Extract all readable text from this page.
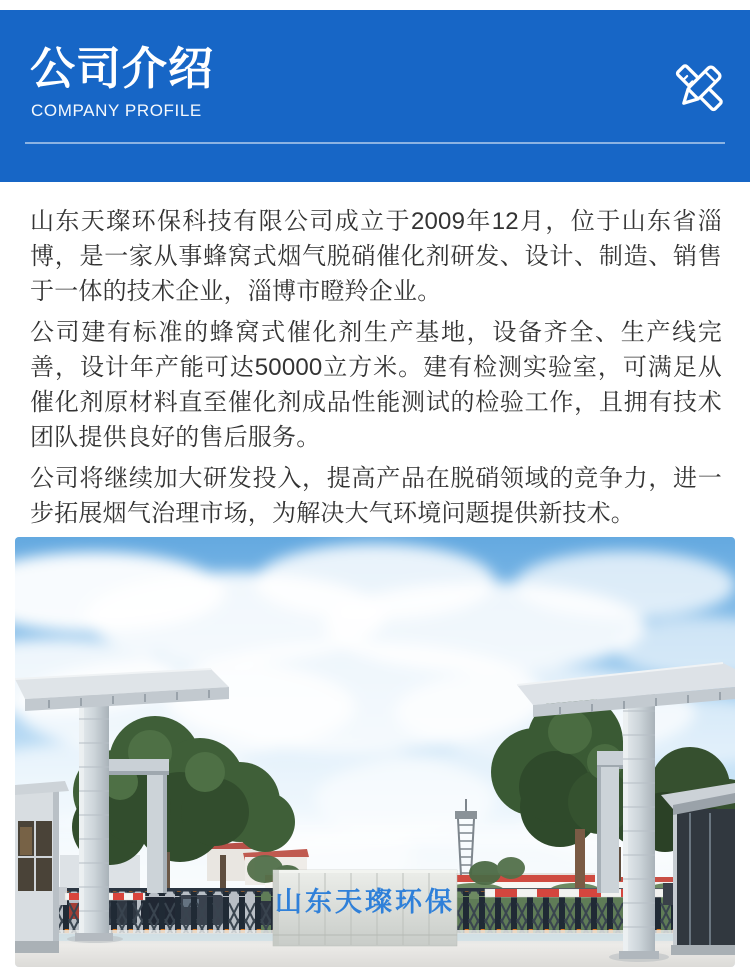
公司介绍
COMPANY PROFILE

山东天璨环保科技有限公司成立于2009年12月，位于山东省淄博，是一家从事蜂窝式烟气脱硝催化剂研发、设计、制造、销售于一体的技术企业，淄博市瞪羚企业。

公司建有标准的蜂窝式催化剂生产基地，设备齐全、生产线完善，设计年产能可达50000立方米。建有检测实验室，可满足从催化剂原材料直至催化剂成品性能测试的检验工作，且拥有技术团队提供良好的售后服务。

公司将继续加大研发投入，提高产品在脱硝领域的竞争力，进一步拓展烟气治理市场，为解决大气环境问题提供新技术。

山东天璨环保
